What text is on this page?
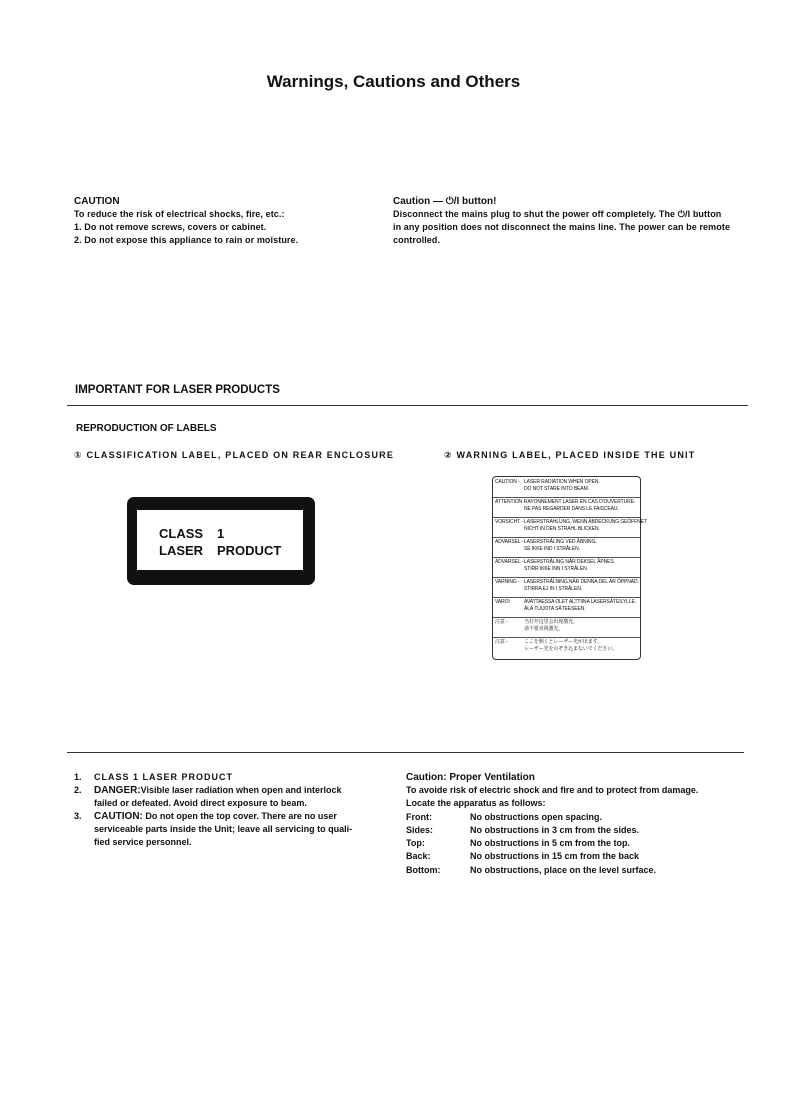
Warnings, Cautions and Others
CAUTION
To reduce the risk of electrical shocks, fire, etc.:
1. Do not remove screws, covers or cabinet.
2. Do not expose this appliance to rain or moisture.
Caution — ⏻/I button!
Disconnect the mains plug to shut the power off completely. The ⏻/I button
in any position does not disconnect the mains line. The power can be remote
controlled.
IMPORTANT FOR LASER PRODUCTS
REPRODUCTION OF LABELS
① CLASSIFICATION LABEL, PLACED ON REAR ENCLOSURE	② WARNING LABEL, PLACED INSIDE THE UNIT
CLASS 1
LASER PRODUCT
CAUTION - LASER RADIATION WHEN OPEN.
DO NOT STARE INTO BEAM.
ATTENTION - RAYONNEMENT LASER EN CAS D'OUVERTURE.
NE PAS REGARDER DANS LE FAISCEAU.
VORSICHT - LASERSTRAHLUNG, WENN ABDECKUNG GEÖFFNET
NICHT IN DEN STRAHL BLICKEN.
ADVARSEL - LASERSTRÅLING VED ÅBNING.
SE IKKE IND I STRÅLEN.
ADVARSEL - LASERSTRÅLING NÅR DEKSEL ÅPNES.
STIRR IKKE INN I STRÅLEN.
VARNING - LASERSTRÅLNING NÄR DENNA DEL ÄR ÖPPNAD.
STIRRA EJ IN I STRÅLEN.
VARO!	AVATTAESSA OLET ALTTIINA LASERSÄTEILYLLE.
ÄLÄ TUIJOTA SÄTEESEEN.
注意 -	当打开这里会出现激光。
请不要直视激光。
注意 -	ここを開くとレーザー光が出ます。
レーザー光をのぞき込まないでください。
1. CLASS 1 LASER PRODUCT
2. DANGER:Visible laser radiation when open and interlock
failed or defeated. Avoid direct exposure to beam.
3. CAUTION: Do not open the top cover. There are no user
serviceable parts inside the Unit; leave all servicing to quali-
fied service personnel.
Caution: Proper Ventilation
To avoide risk of electric shock and fire and to protect from damage.
Locate the apparatus as follows:
Front:	No obstructions open spacing.
Sides:	No obstructions in 3 cm from the sides.
Top:	No obstructions in 5 cm from the top.
Back:	No obstructions in 15 cm from the back
Bottom:	No obstructions, place on the level surface.
